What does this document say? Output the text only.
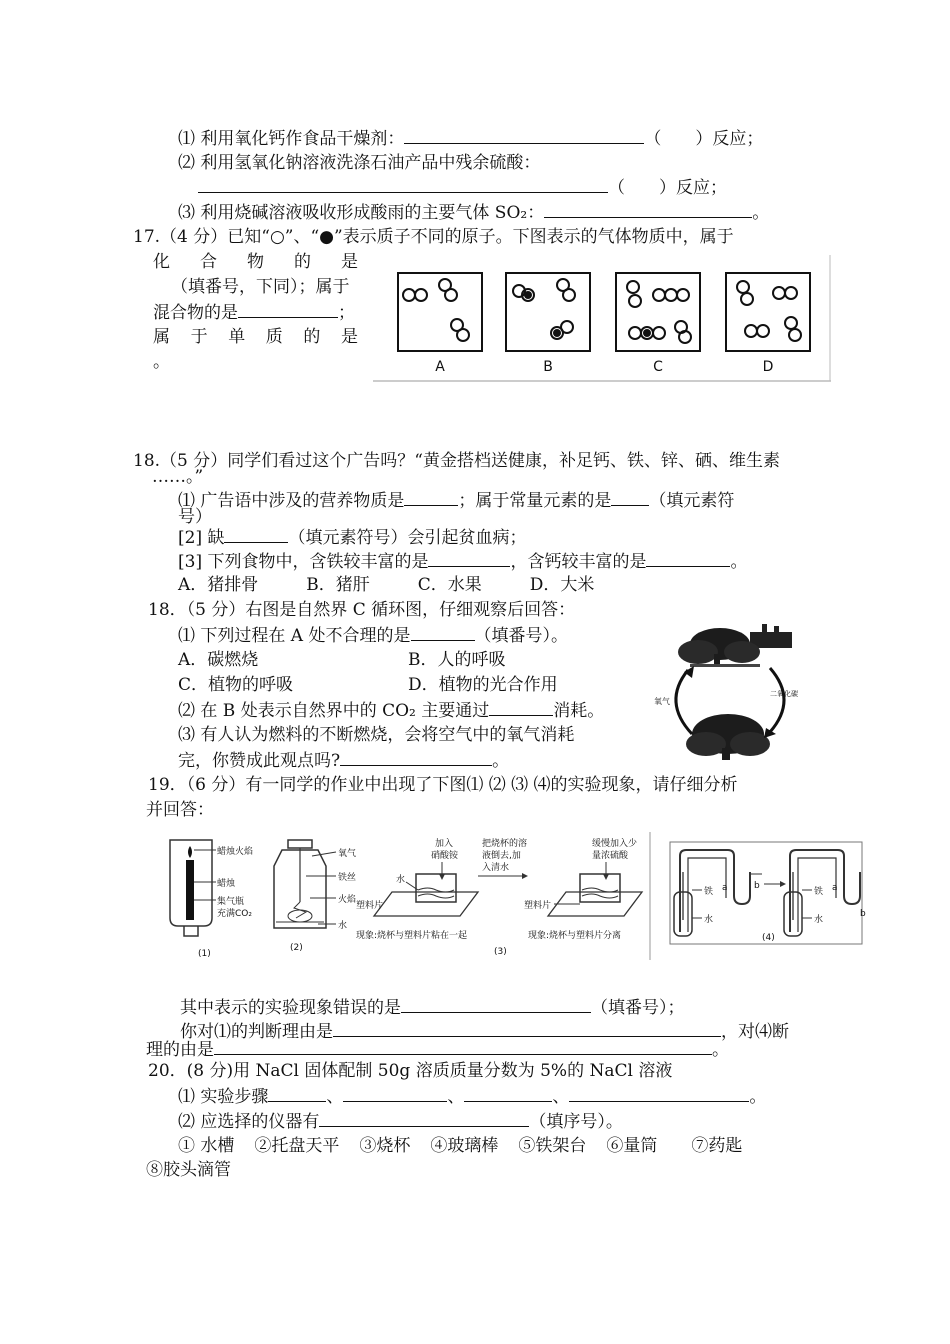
⑴ 利用氧化钙作食品干燥剂：	（　　）反应；
⑵ 利用氢氧化钠溶液洗涤石油产品中残余硫酸：
（　　）反应；
⑶ 利用烧碱溶液吸收形成酸雨的主要气体 SO₂：	。
17.（4 分）已知“○”、“●”表示质子不同的原子。下图表示的气体物质中，属于
化 合 物 的 是
（填番号，下同）；属于
混合物的是	；
属 于 单 质 的 是
。	A	B	C	D
18.（5 分）同学们看过这个广告吗？“黄金搭档送健康，补足钙、铁、锌、硒、维生素
……。”
⑴ 广告语中涉及的营养物质是	；属于常量元素的是 （填元素符
号）
[2] 缺	（填元素符号）会引起贫血病；
[3] 下列食物中，含铁较丰富的是	，含钙较丰富的是	。
A．猪排骨	B．猪肝	C．水果	D．大米
18．（5 分）右图是自然界 C 循环图，仔细观察后回答：
⑴ 下列过程在 A 处不合理的是	（填番号）。
A．碳燃烧	B．人的呼吸
C．植物的呼吸	D．植物的光合作用
⑵ 在 B 处表示自然界中的 CO₂ 主要通过	消耗。
⑶ 有人认为燃料的不断燃烧，会将空气中的氧气消耗
完，你赞成此观点吗?	。
氧气
二氧化碳
19．（6 分）有一同学的作业中出现了下图⑴ ⑵ ⑶ ⑷的实验现象，请仔细分析
并回答：
蜡烛火焰
蜡烛
集气瓶
充满CO₂
(1)
氧气
铁丝
火焰
水
(2)
加入
硝酸铵
水
塑料片
现象:烧杯与塑料片粘在一起
把烧杯的溶
液倒去,加
入清水
缓慢加入少
量浓硫酸
塑料片
现象:烧杯与塑料片分离
(3)
铁
水
a	b
铁
水
a
b
(4)
其中表示的实验现象错误的是	（填番号）；
你对⑴的判断理由是	，对⑷断
理的由是	。
20．(8 分)用 NaCl 固体配制 50g 溶质质量分数为 5%的 NaCl 溶液
⑴ 实验步骤	、	、	、	。
⑵ 应选择的仪器有	（填序号）。
① 水槽 ②托盘天平 ③烧杯 ④玻璃棒 ⑤铁架台 ⑥量筒 ⑦药匙
⑧胶头滴管
